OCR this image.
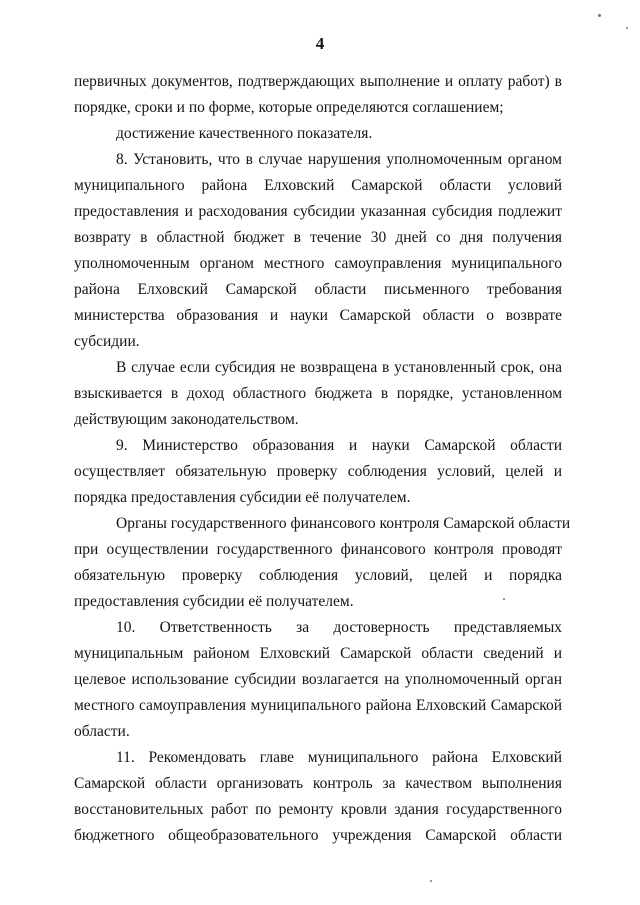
4
первичных документов, подтверждающих выполнение и оплату работ) в
порядке, сроки и по форме, которые определяются соглашением;
достижение качественного показателя.
8. Установить, что в случае нарушения уполномоченным органом
муниципального района Елховский Самарской области условий
предоставления и расходования субсидии указанная субсидия подлежит
возврату в областной бюджет в течение 30 дней со дня получения
уполномоченным органом местного самоуправления муниципального
района Елховский Самарской области письменного требования
министерства образования и науки Самарской области о возврате
субсидии.
В случае если субсидия не возвращена в установленный срок, она
взыскивается в доход областного бюджета в порядке, установленном
действующим законодательством.
9. Министерство образования и науки Самарской области
осуществляет обязательную проверку соблюдения условий, целей и
порядка предоставления субсидии её получателем.
Органы государственного финансового контроля Самарской области
при осуществлении государственного финансового контроля проводят
обязательную проверку соблюдения условий, целей и порядка
предоставления субсидии её получателем.
10. Ответственность за достоверность представляемых
муниципальным районом Елховский Самарской области сведений и
целевое использование субсидии возлагается на уполномоченный орган
местного самоуправления муниципального района Елховский Самарской
области.
11. Рекомендовать главе муниципального района Елховский
Самарской области организовать контроль за качеством выполнения
восстановительных работ по ремонту кровли здания государственного
бюджетного общеобразовательного учреждения Самарской области
